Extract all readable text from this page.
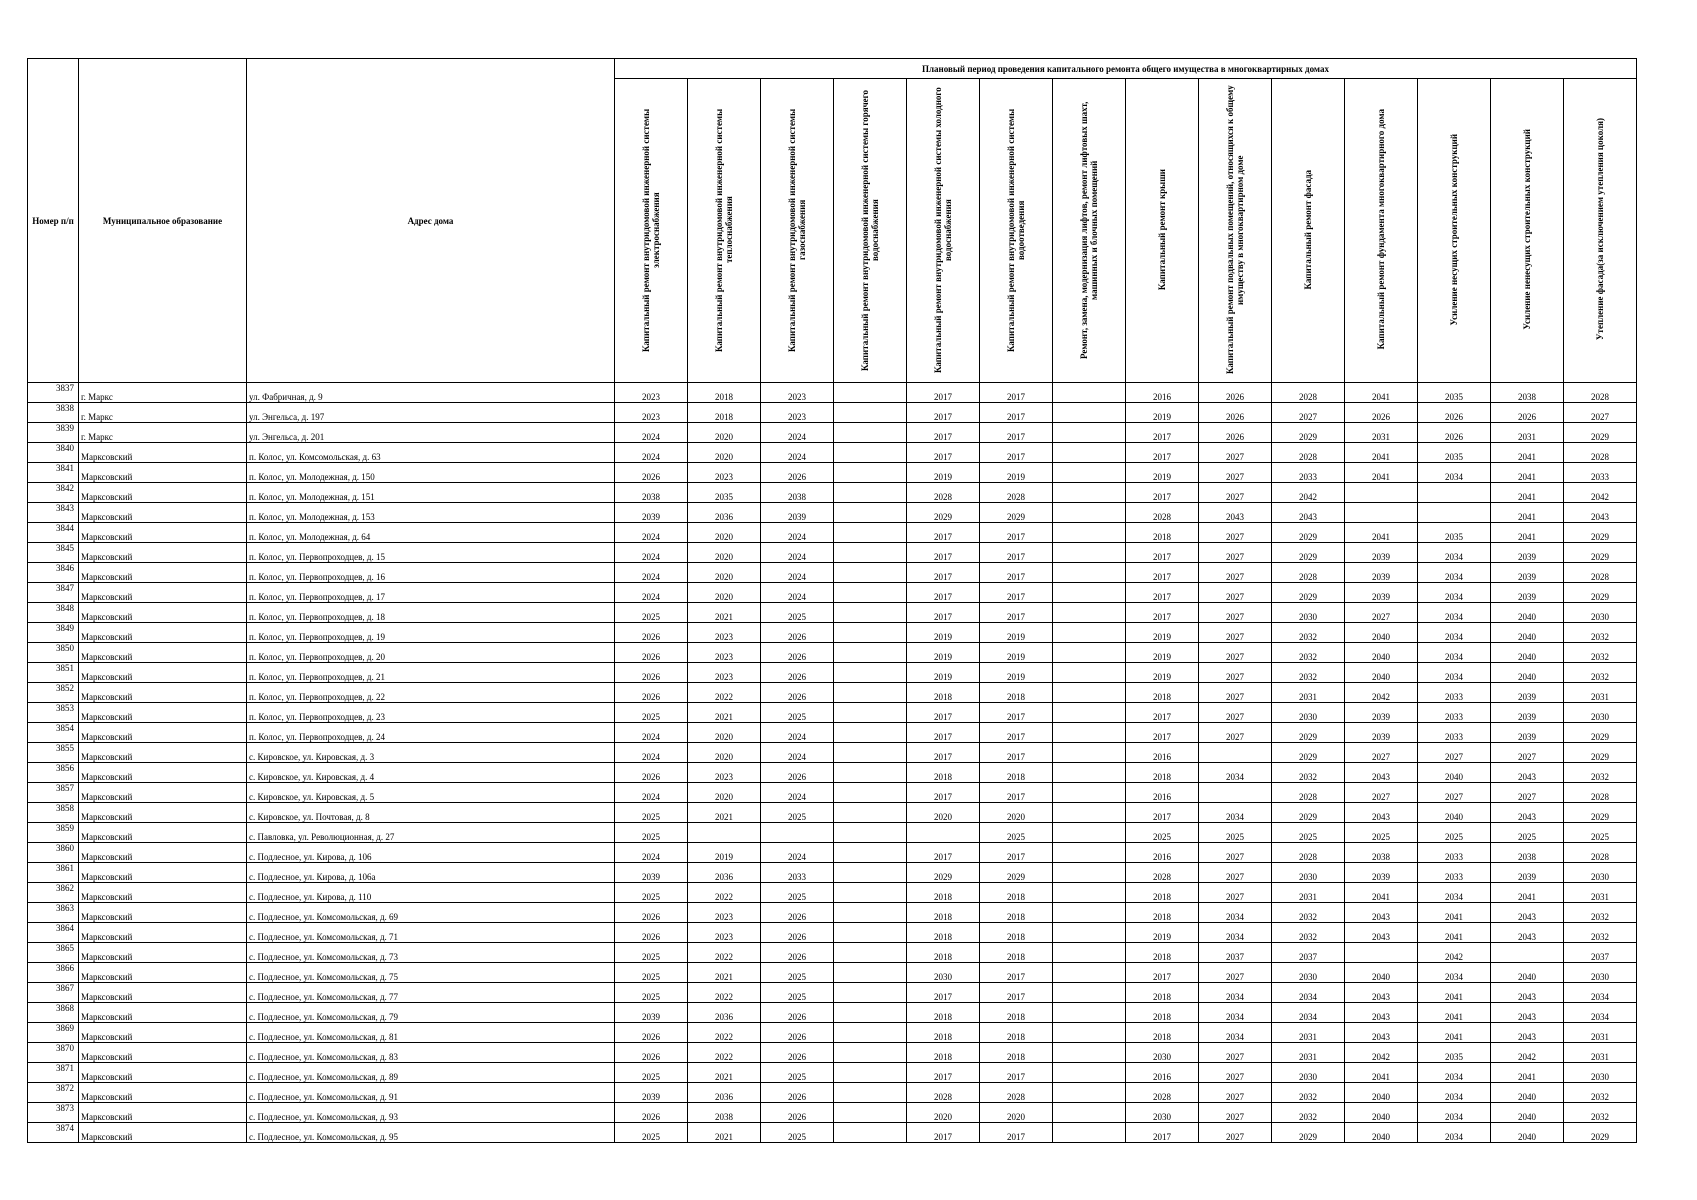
Номер п/п	Муниципальное образование	Адрес дома	Плановый период проведения капитального ремонта общего имущества в многоквартирных домах													
			Капитальный ремонт внутридомовой инженерной системы электроснабжения	Капитальный ремонт внутридомовой инженерной системы теплоснабжения	Капитальный ремонт внутридомовой инженерной системы газоснабжения	Капитальный ремонт внутридомовой инженерной системы горячего водоснабжения	Капитальный ремонт внутридомовой инженерной системы холодного водоснабжения	Капитальный ремонт внутридомовой инженерной системы водоотведения	Ремонт, замена, модернизация лифтов, ремонт лифтовых шахт, машинных и блочных помещений	Капитальный ремонт крыши	Капитальный ремонт подвальных помещений, относящихся к общему имуществу в многоквартирном доме	Капитальный ремонт фасада	Капитальный ремонт фундамента многоквартирного дома	Усиление несущих строительных конструкций	Усиление ненесущих строительных конструкций	Утепление фасада(за исключением утепления цоколя)
3837	г. Маркс	ул. Фабричная, д. 9	2023	2018	2023		2017	2017		2016	2026	2028	2041	2035	2038	2028
3838	г. Маркс	ул. Энгельса, д. 197	2023	2018	2023		2017	2017		2019	2026	2027	2026	2026	2026	2027
3839	г. Маркс	ул. Энгельса, д. 201	2024	2020	2024		2017	2017		2017	2026	2029	2031	2026	2031	2029
3840	Марксовский	п. Колос, ул. Комсомольская, д. 63	2024	2020	2024		2017	2017		2017	2027	2028	2041	2035	2041	2028
3841	Марксовский	п. Колос, ул. Молодежная, д. 150	2026	2023	2026		2019	2019		2019	2027	2033	2041	2034	2041	2033
3842	Марксовский	п. Колос, ул. Молодежная, д. 151	2038	2035	2038		2028	2028		2017	2027	2042			2041	2042
3843	Марксовский	п. Колос, ул. Молодежная, д. 153	2039	2036	2039		2029	2029		2028	2043	2043			2041	2043
3844	Марксовский	п. Колос, ул. Молодежная, д. 64	2024	2020	2024		2017	2017		2018	2027	2029	2041	2035	2041	2029
3845	Марксовский	п. Колос, ул. Первопроходцев, д. 15	2024	2020	2024		2017	2017		2017	2027	2029	2039	2034	2039	2029
3846	Марксовский	п. Колос, ул. Первопроходцев, д. 16	2024	2020	2024		2017	2017		2017	2027	2028	2039	2034	2039	2028
3847	Марксовский	п. Колос, ул. Первопроходцев, д. 17	2024	2020	2024		2017	2017		2017	2027	2029	2039	2034	2039	2029
3848	Марксовский	п. Колос, ул. Первопроходцев, д. 18	2025	2021	2025		2017	2017		2017	2027	2030	2027	2034	2040	2030
3849	Марксовский	п. Колос, ул. Первопроходцев, д. 19	2026	2023	2026		2019	2019		2019	2027	2032	2040	2034	2040	2032
3850	Марксовский	п. Колос, ул. Первопроходцев, д. 20	2026	2023	2026		2019	2019		2019	2027	2032	2040	2034	2040	2032
3851	Марксовский	п. Колос, ул. Первопроходцев, д. 21	2026	2023	2026		2019	2019		2019	2027	2032	2040	2034	2040	2032
3852	Марксовский	п. Колос, ул. Первопроходцев, д. 22	2026	2022	2026		2018	2018		2018	2027	2031	2042	2033	2039	2031
3853	Марксовский	п. Колос, ул. Первопроходцев, д. 23	2025	2021	2025		2017	2017		2017	2027	2030	2039	2033	2039	2030
3854	Марксовский	п. Колос, ул. Первопроходцев, д. 24	2024	2020	2024		2017	2017		2017	2027	2029	2039	2033	2039	2029
3855	Марксовский	с. Кировское, ул. Кировская, д. 3	2024	2020	2024		2017	2017		2016		2029	2027	2027	2027	2029
3856	Марксовский	с. Кировское, ул. Кировская, д. 4	2026	2023	2026		2018	2018		2018	2034	2032	2043	2040	2043	2032
3857	Марксовский	с. Кировское, ул. Кировская, д. 5	2024	2020	2024		2017	2017		2016		2028	2027	2027	2027	2028
3858	Марксовский	с. Кировское, ул. Почтовая, д. 8	2025	2021	2025		2020	2020		2017	2034	2029	2043	2040	2043	2029
3859	Марксовский	с. Павловка, ул. Революционная, д. 27	2025					2025		2025	2025	2025	2025	2025	2025	2025
3860	Марксовский	с. Подлесное, ул. Кирова, д. 106	2024	2019	2024		2017	2017		2016	2027	2028	2038	2033	2038	2028
3861	Марксовский	с. Подлесное, ул. Кирова, д. 106а	2039	2036	2033		2029	2029		2028	2027	2030	2039	2033	2039	2030
3862	Марксовский	с. Подлесное, ул. Кирова, д. 110	2025	2022	2025		2018	2018		2018	2027	2031	2041	2034	2041	2031
3863	Марксовский	с. Подлесное, ул. Комсомольская, д. 69	2026	2023	2026		2018	2018		2018	2034	2032	2043	2041	2043	2032
3864	Марксовский	с. Подлесное, ул. Комсомольская, д. 71	2026	2023	2026		2018	2018		2019	2034	2032	2043	2041	2043	2032
3865	Марксовский	с. Подлесное, ул. Комсомольская, д. 73	2025	2022	2026		2018	2018		2018	2037	2037		2042		2037
3866	Марксовский	с. Подлесное, ул. Комсомольская, д. 75	2025	2021	2025		2030	2017		2017	2027	2030	2040	2034	2040	2030
3867	Марксовский	с. Подлесное, ул. Комсомольская, д. 77	2025	2022	2025		2017	2017		2018	2034	2034	2043	2041	2043	2034
3868	Марксовский	с. Подлесное, ул. Комсомольская, д. 79	2039	2036	2026		2018	2018		2018	2034	2034	2043	2041	2043	2034
3869	Марксовский	с. Подлесное, ул. Комсомольская, д. 81	2026	2022	2026		2018	2018		2018	2034	2031	2043	2041	2043	2031
3870	Марксовский	с. Подлесное, ул. Комсомольская, д. 83	2026	2022	2026		2018	2018		2030	2027	2031	2042	2035	2042	2031
3871	Марксовский	с. Подлесное, ул. Комсомольская, д. 89	2025	2021	2025		2017	2017		2016	2027	2030	2041	2034	2041	2030
3872	Марксовский	с. Подлесное, ул. Комсомольская, д. 91	2039	2036	2026		2028	2028		2028	2027	2032	2040	2034	2040	2032
3873	Марксовский	с. Подлесное, ул. Комсомольская, д. 93	2026	2038	2026		2020	2020		2030	2027	2032	2040	2034	2040	2032
3874	Марксовский	с. Подлесное, ул. Комсомольская, д. 95	2025	2021	2025		2017	2017		2017	2027	2029	2040	2034	2040	2029
